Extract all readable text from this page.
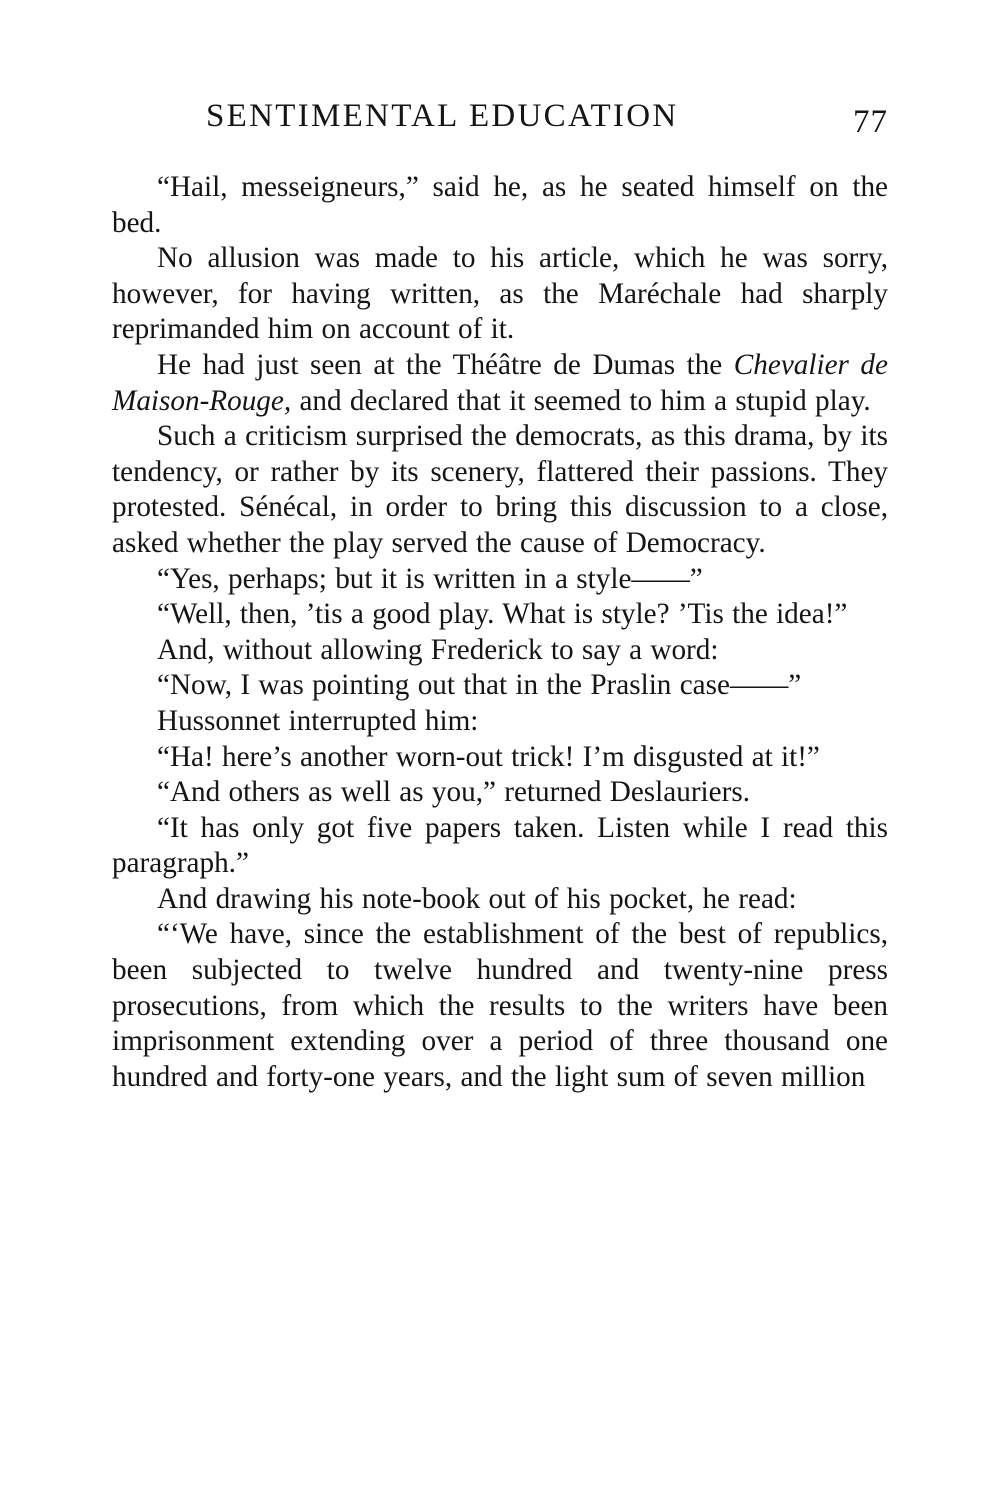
SENTIMENTAL EDUCATION	77

“Hail, messeigneurs,” said he, as he seated himself on the bed.

No allusion was made to his article, which he was sorry, however, for having written, as the Maréchale had sharply reprimanded him on account of it.

He had just seen at the Théâtre de Dumas the Chevalier de Maison-Rouge, and declared that it seemed to him a stupid play.

Such a criticism surprised the democrats, as this drama, by its tendency, or rather by its scenery, flattered their passions. They protested. Sénécal, in order to bring this discussion to a close, asked whether the play served the cause of Democracy.

“Yes, perhaps; but it is written in a style——”

“Well, then, ’tis a good play. What is style? ’Tis the idea!”

And, without allowing Frederick to say a word:

“Now, I was pointing out that in the Praslin case——”

Hussonnet interrupted him:

“Ha! here’s another worn-out trick! I’m disgusted at it!”

“And others as well as you,” returned Deslauriers.

“It has only got five papers taken. Listen while I read this paragraph.”

And drawing his note-book out of his pocket, he read:

“‘We have, since the establishment of the best of republics, been subjected to twelve hundred and twenty-nine press prosecutions, from which the results to the writers have been imprisonment extending over a period of three thousand one hundred and forty-one years, and the light sum of seven million
